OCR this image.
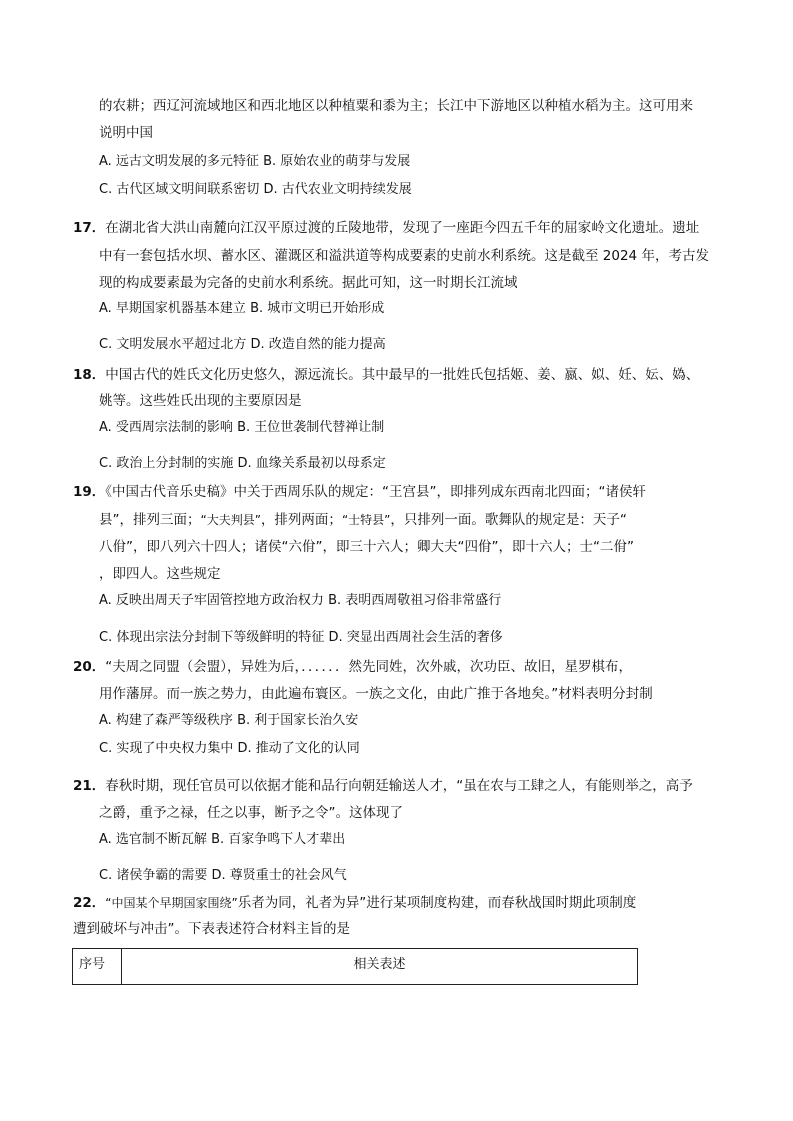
的农耕；西辽河流域地区和西北地区以种植粟和黍为主；长江中下游地区以种植水稻为主。这可用来
说明中国
A. 远古文明发展的多元特征 B. 原始农业的萌芽与发展
C. 古代区域文明间联系密切 D. 古代农业文明持续发展
17．在湖北省大洪山南麓向江汉平原过渡的丘陵地带，发现了一座距今四五千年的屈家岭文化遗址。遗址
中有一套包括水坝、蓄水区、灌溉区和溢洪道等构成要素的史前水利系统。这是截至 2024 年，考古发
现的构成要素最为完备的史前水利系统。据此可知，这一时期长江流域
A. 早期国家机器基本建立 B. 城市文明已开始形成
C. 文明发展水平超过北方 D. 改造自然的能力提高
18．中国古代的姓氏文化历史悠久，源远流长。其中最早的一批姓氏包括姬、姜、嬴、姒、妊、妘、媯、
姚等。这些姓氏出现的主要原因是
A. 受西周宗法制的影响 B. 王位世袭制代替禅让制
C. 政治上分封制的实施 D. 血缘关系最初以母系定
19．《中国古代音乐史稿》中关于西周乐队的规定：“王宫县”，即排列成东西南北四面；“诸侯轩
县”，排列三面；“大夫判县”，排列两面；“士特县”，只排列一面。歌舞队的规定是：天子“
八佾”，即八列六十四人；诸侯“六佾”，即三十六人；卿大夫“四佾”，即十六人；士“二佾”
，即四人。这些规定
A. 反映出周天子牢固管控地方政治权力 B. 表明西周敬祖习俗非常盛行
C. 体现出宗法分封制下等级鲜明的特征 D. 突显出西周社会生活的奢侈
20．“夫周之同盟（会盟），异姓为后，．．．．．．然先同姓，次外戚，次功臣、故旧，星罗棋布，
用作藩屏。而一族之势力，由此遍布寰区。一族之文化，由此广推于各地矣。”材料表明分封制
A. 构建了森严等级秩序 B. 利于国家长治久安
C. 实现了中央权力集中 D. 推动了文化的认同
21．春秋时期，现任官员可以依据才能和品行向朝廷输送人才，“虽在农与工肆之人，有能则举之，高予
之爵，重予之禄，任之以事，断予之令”。这体现了
A. 选官制不断瓦解 B. 百家争鸣下人才辈出
C. 诸侯争霸的需要 D. 尊贤重士的社会风气
22．“中国某个早期国家围绕”乐者为同，礼者为异”进行某项制度构建，而春秋战国时期此项制度
遭到破坏与冲击”。下表表述符合材料主旨的是
序号	相关表述
